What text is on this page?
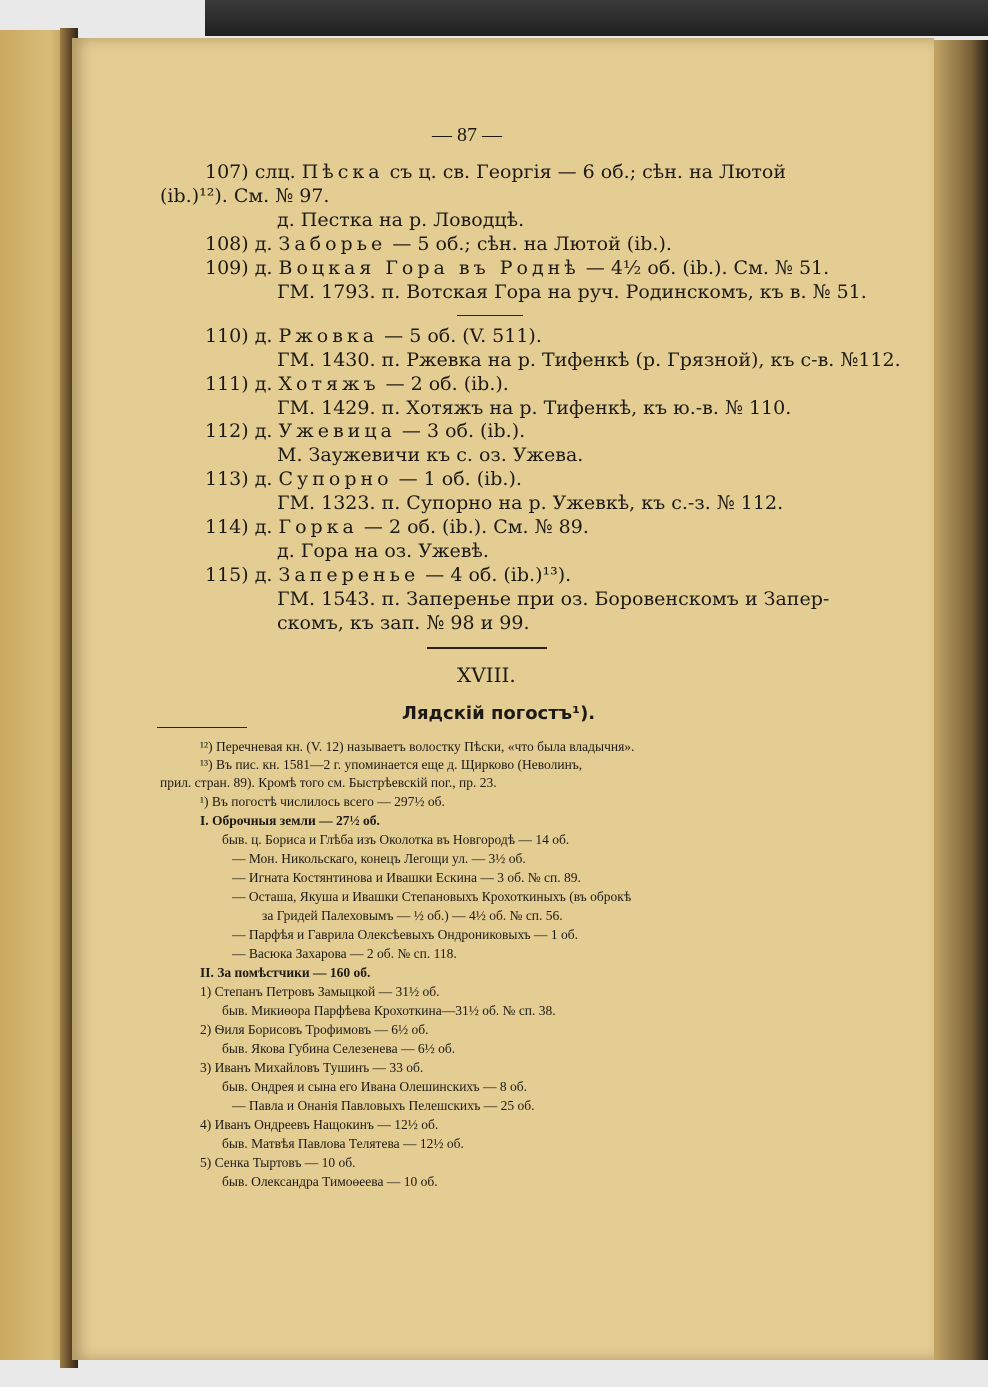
— 87 —
107) слц. Пѣска съ ц. св. Георгія — 6 об.; сѣн. на Лютой
(ib.)¹²). См. № 97.
д. Пестка на р. Ловодцѣ.
108) д. Заборье — 5 об.; сѣн. на Лютой (ib.).
109) д. Воцкая Гора въ Роднѣ — 4½ об. (ib.). См. № 51.
ГМ. 1793. п. Вотская Гора на руч. Родинскомъ, къ в. № 51.
110) д. Ржовка — 5 об. (V. 511).
ГМ. 1430. п. Ржевка на р. Тифенкѣ (р. Грязной), къ с-в. №112.
111) д. Хотяжъ — 2 об. (ib.).
ГМ. 1429. п. Хотяжъ на р. Тифенкѣ, къ ю.-в. № 110.
112) д. Ужевица — 3 об. (ib.).
М. Заужевичи къ с. оз. Ужева.
113) д. Супорно — 1 об. (ib.).
ГМ. 1323. п. Супорно на р. Ужевкѣ, къ с.-з. № 112.
114) д. Горка — 2 об. (ib.). См. № 89.
д. Гора на оз. Ужевѣ.
115) д. Заперенье — 4 об. (ib.)¹³).
ГМ. 1543. п. Заперенье при оз. Боровенскомъ и Запер-
скомъ, къ зап. № 98 и 99.
XVIII.
Лядскій погостъ¹).
¹²) Перечневая кн. (V. 12) называетъ волостку Пѣски, «что была владычня».
¹³) Въ пис. кн. 1581—2 г. упоминается еще д. Щирково (Неволинъ,
прил. стран. 89). Кромѣ того см. Быстрѣевскій пог., пр. 23.
¹) Въ погостѣ числилось всего — 297½ об.
I. Оброчныя земли — 27½ об.
быв. ц. Бориса и Глѣба изъ Околотка въ Новгородѣ — 14 об.
— Мон. Никольскаго, конецъ Легощи ул. — 3½ об.
— Игната Костянтинова и Ивашки Ескина — 3 об. № сп. 89.
— Осташа, Якуша и Ивашки Степановыхъ Крохоткиныхъ (въ оброкѣ
за Гридей Палеховымъ — ½ об.) — 4½ об. № сп. 56.
— Парфѣя и Гаврила Олексѣевыхъ Ондрониковыхъ — 1 об.
— Васюка Захарова — 2 об. № сп. 118.
II. За помѣстчики — 160 об.
1) Степанъ Петровъ Замыцкой — 31½ об.
быв. Микиѳора Парфѣева Крохоткина—31½ об. № сп. 38.
2) Ѳиля Борисовъ Трофимовъ — 6½ об.
быв. Якова Губина Селезенева — 6½ об.
3) Иванъ Михайловъ Тушинъ — 33 об.
быв. Ондрея и сына его Ивана Олешинскихъ — 8 об.
— Павла и Онанія Павловыхъ Пелешскихъ — 25 об.
4) Иванъ Ондреевъ Нащокинъ — 12½ об.
быв. Матвѣя Павлова Телятева — 12½ об.
5) Сенка Тыртовъ — 10 об.
быв. Олександра Тимоѳеева — 10 об.
